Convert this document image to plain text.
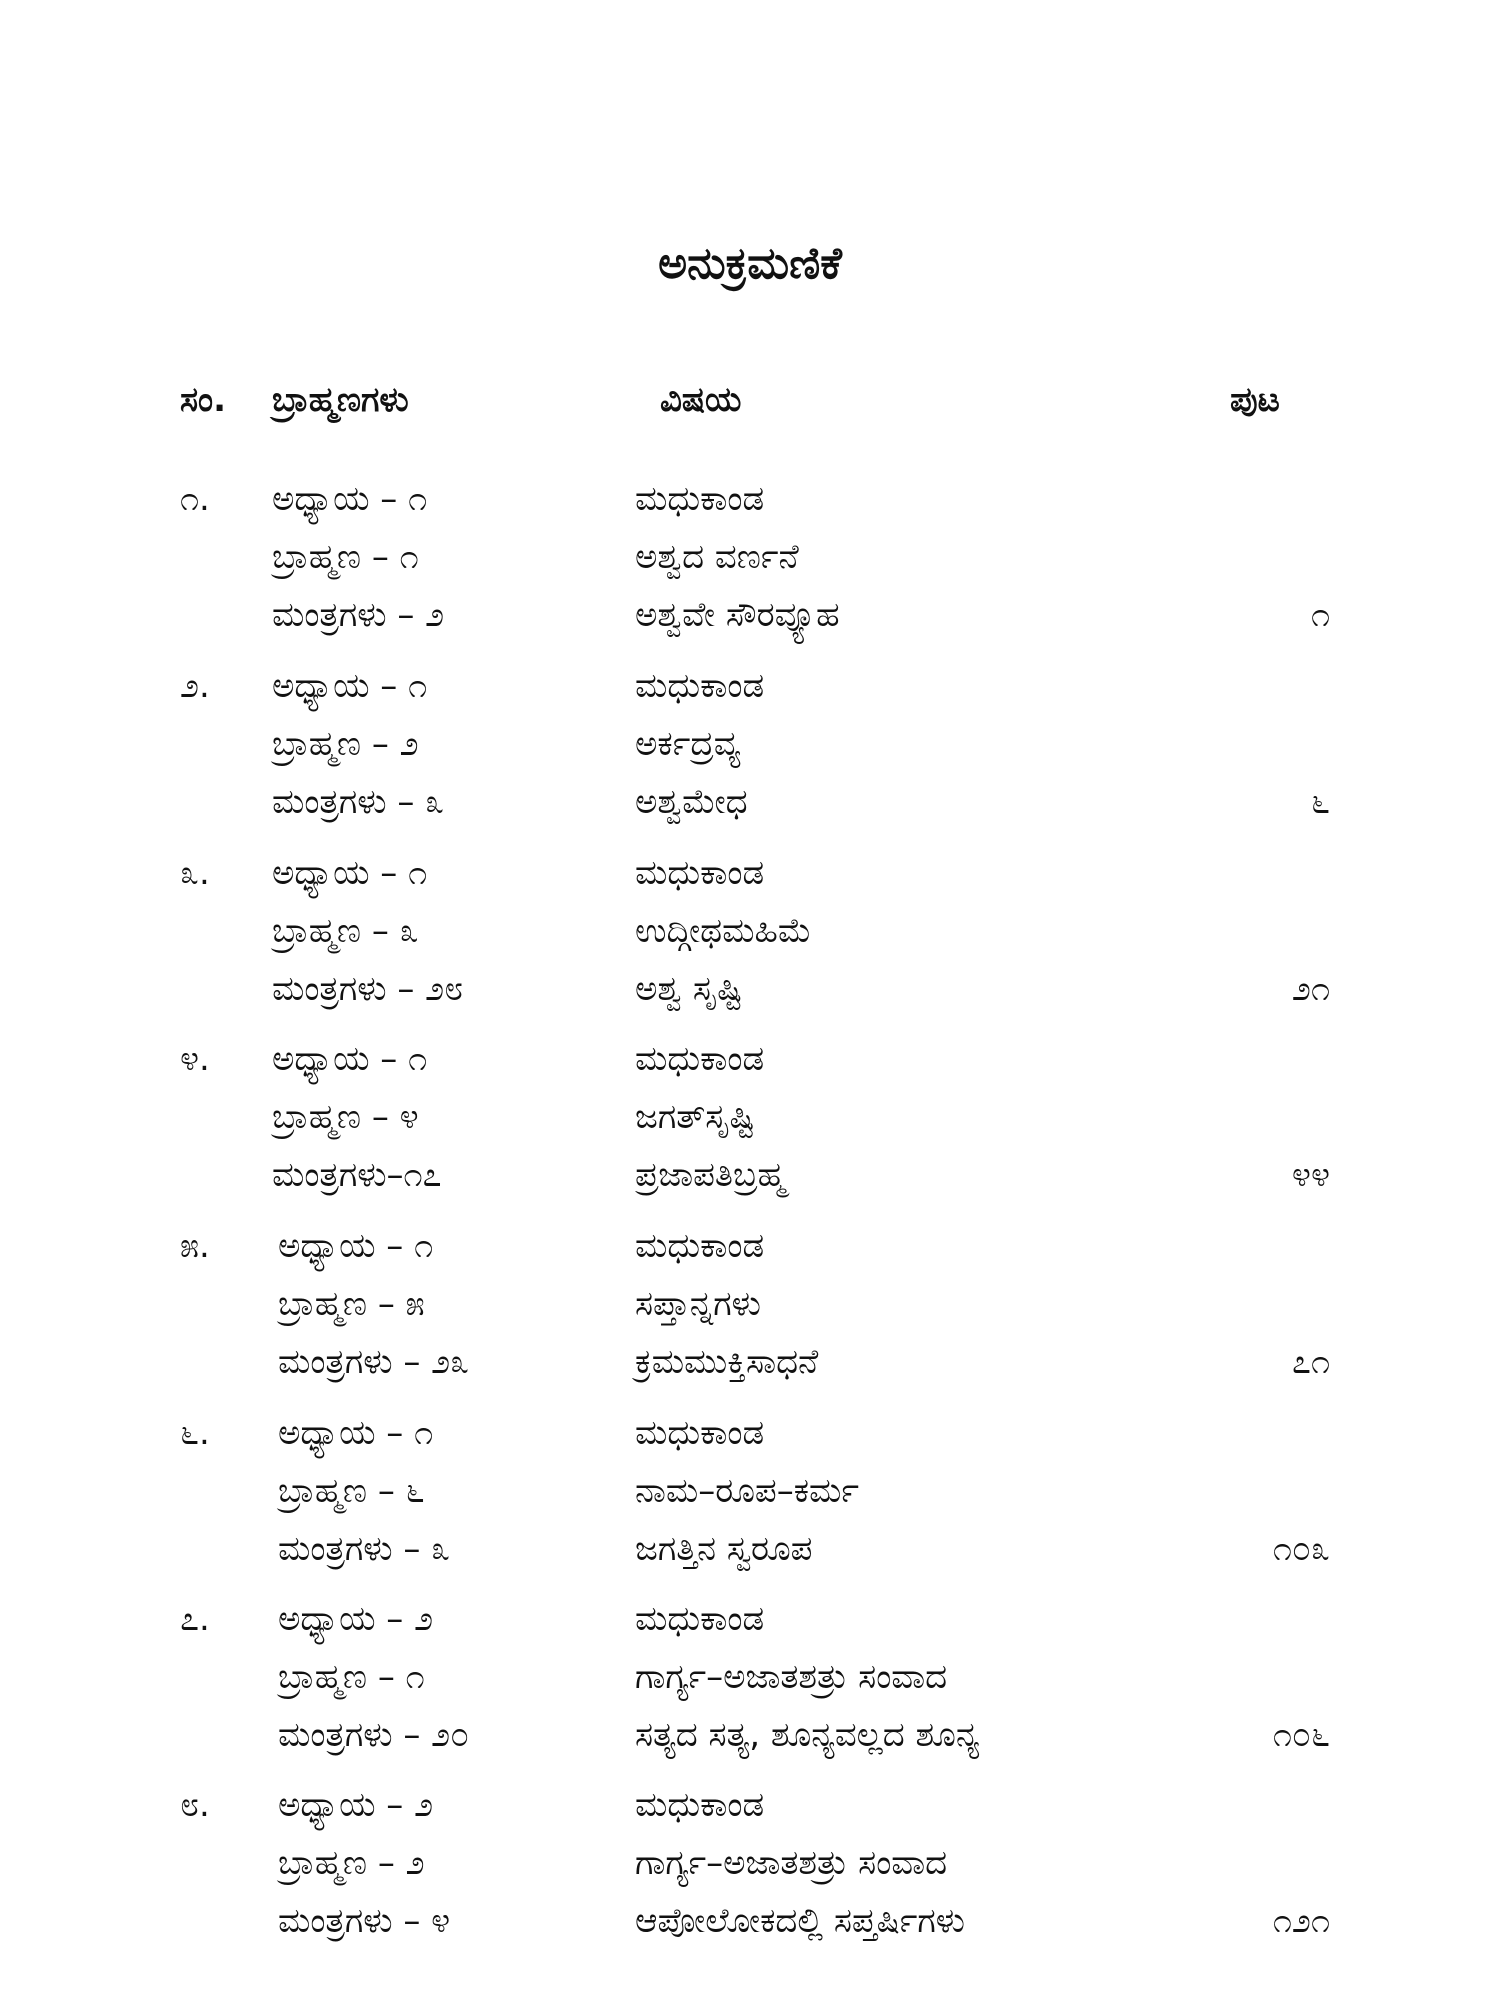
ಅನುಕ್ರಮಣಿಕೆ
ಸಂ. ಬ್ರಾಹ್ಮಣಗಳು	ವಿಷಯ	ಪುಟ
೧. ಅಧ್ಯಾಯ – ೧	ಮಧುಕಾಂಡ
ಬ್ರಾಹ್ಮಣ – ೧	ಅಶ್ವದ ವರ್ಣನೆ
ಮಂತ್ರಗಳು – ೨	ಅಶ್ವವೇ ಸೌರವ್ಯೂಹ	೧
೨. ಅಧ್ಯಾಯ – ೧	ಮಧುಕಾಂಡ
ಬ್ರಾಹ್ಮಣ – ೨	ಅರ್ಕದ್ರವ್ಯ
ಮಂತ್ರಗಳು – ೩	ಅಶ್ವಮೇಧ	೬
೩. ಅಧ್ಯಾಯ – ೧	ಮಧುಕಾಂಡ
ಬ್ರಾಹ್ಮಣ – ೩	ಉದ್ಗೀಥಮಹಿಮೆ
ಮಂತ್ರಗಳು – ೨೮	ಅಶ್ವ ಸೃಷ್ಟಿ	೨೧
೪. ಅಧ್ಯಾಯ – ೧	ಮಧುಕಾಂಡ
ಬ್ರಾಹ್ಮಣ – ೪	ಜಗತ್‌ಸೃಷ್ಟಿ
ಮಂತ್ರಗಳು–೧೭	ಪ್ರಜಾಪತಿಬ್ರಹ್ಮ	೪೪
೫. ಅಧ್ಯಾಯ – ೧	ಮಧುಕಾಂಡ
ಬ್ರಾಹ್ಮಣ – ೫	ಸಪ್ತಾನ್ನಗಳು
ಮಂತ್ರಗಳು – ೨೩	ಕ್ರಮಮುಕ್ತಿಸಾಧನೆ	೭೧
೬. ಅಧ್ಯಾಯ – ೧	ಮಧುಕಾಂಡ
ಬ್ರಾಹ್ಮಣ – ೬	ನಾಮ–ರೂಪ–ಕರ್ಮ
ಮಂತ್ರಗಳು – ೩	ಜಗತ್ತಿನ ಸ್ವರೂಪ	೧೦೩
೭. ಅಧ್ಯಾಯ – ೨	ಮಧುಕಾಂಡ
ಬ್ರಾಹ್ಮಣ – ೧	ಗಾರ್ಗ್ಯ–ಅಜಾತಶತ್ರು ಸಂವಾದ
ಮಂತ್ರಗಳು – ೨೦	ಸತ್ಯದ ಸತ್ಯ, ಶೂನ್ಯವಲ್ಲದ ಶೂನ್ಯ	೧೦೬
೮. ಅಧ್ಯಾಯ – ೨	ಮಧುಕಾಂಡ
ಬ್ರಾಹ್ಮಣ – ೨	ಗಾರ್ಗ್ಯ–ಅಜಾತಶತ್ರು ಸಂವಾದ
ಮಂತ್ರಗಳು – ೪	ಆಪೋಲೋಕದಲ್ಲಿ ಸಪ್ತರ್ಷಿಗಳು	೧೨೧
